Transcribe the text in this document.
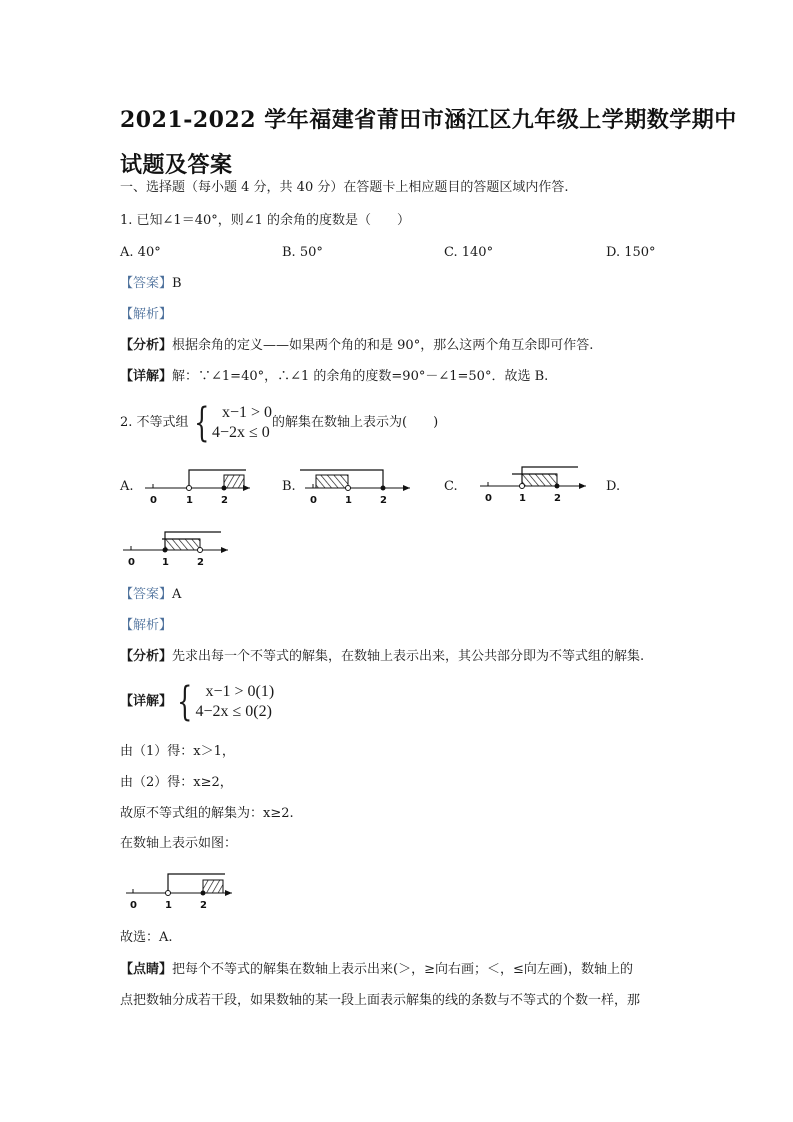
2021-2022 学年福建省莆田市涵江区九年级上学期数学期中
试题及答案
一、选择题（每小题 4 分，共 40 分）在答题卡上相应题目的答题区域内作答.
1. 已知∠1＝40°，则∠1 的余角的度数是（　　）
A. 40°	B. 50°	C. 140°	D. 150°
【答案】B
【解析】
【分析】根据余角的定义——如果两个角的和是 90°，那么这两个角互余即可作答.
【详解】解：∵∠1=40°，∴∠1 的余角的度数=90°－∠1=50°．故选 B.
2. 不等式组 { x−1 > 0
4−2x ≤ 0
的解集在数轴上表示为(　　)
A.	B.	C.	D.
0	1	2	0	1	2	0	1	2
0	1	2
【答案】A
【解析】
【分析】先求出每一个不等式的解集，在数轴上表示出来，其公共部分即为不等式组的解集.
【详解】 { x−1 > 0(1)
4−2x ≤ 0(2)
由（1）得：x＞1，
由（2）得：x≥2，
故原不等式组的解集为：x≥2.
在数轴上表示如图：
0	1	2
故选：A.
【点睛】把每个不等式的解集在数轴上表示出来(＞，≥向右画；＜，≤向左画)，数轴上的
点把数轴分成若干段，如果数轴的某一段上面表示解集的线的条数与不等式的个数一样，那
